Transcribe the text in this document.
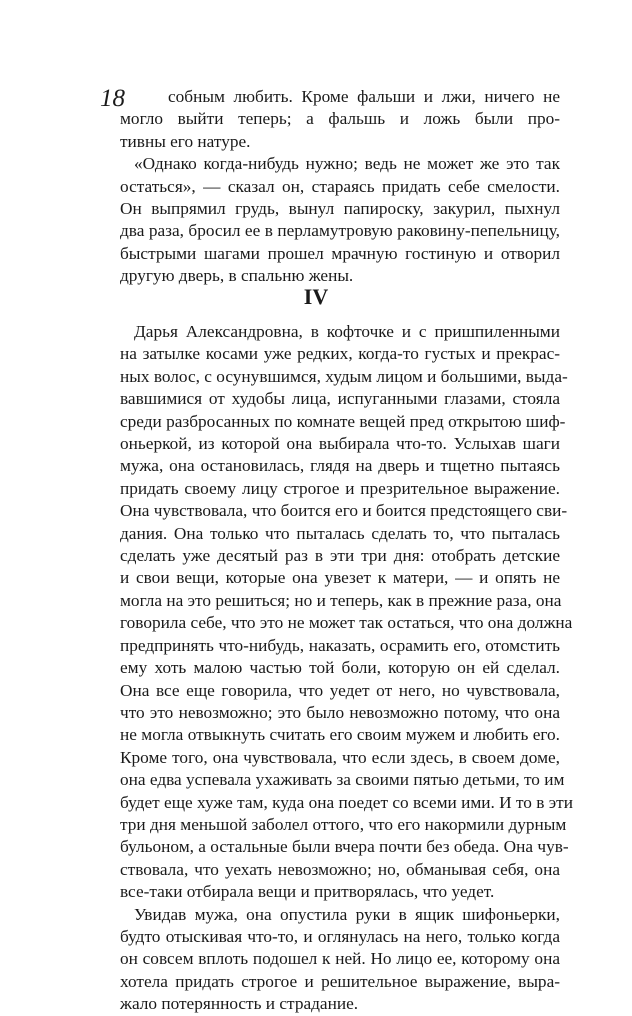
18	собным любить. Кроме фальши и лжи, ничего не
могло выйти теперь; а фальшь и ложь были про-
тивны его натуре.
«Однако когда-нибудь нужно; ведь не может же это так
остаться», — сказал он, стараясь придать себе смелости.
Он выпрямил грудь, вынул папироску, закурил, пыхнул
два раза, бросил ее в перламутровую раковину-пепельницу,
быстрыми шагами прошел мрачную гостиную и отворил
другую дверь, в спальню жены.
IV
Дарья Александровна, в кофточке и с пришпиленными
на затылке косами уже редких, когда-то густых и прекрас-
ных волос, с осунувшимся, худым лицом и большими, выда-
вавшимися от худобы лица, испуганными глазами, стояла
среди разбросанных по комнате вещей пред открытою шиф-
оньеркой, из которой она выбирала что-то. Услыхав шаги
мужа, она остановилась, глядя на дверь и тщетно пытаясь
придать своему лицу строгое и презрительное выражение.
Она чувствовала, что боится его и боится предстоящего сви-
дания. Она только что пыталась сделать то, что пыталась
сделать уже десятый раз в эти три дня: отобрать детские
и свои вещи, которые она увезет к матери, — и опять не
могла на это решиться; но и теперь, как в прежние раза, она
говорила себе, что это не может так остаться, что она должна
предпринять что-нибудь, наказать, осрамить его, отомстить
ему хоть малою частью той боли, которую он ей сделал.
Она все еще говорила, что уедет от него, но чувствовала,
что это невозможно; это было невозможно потому, что она
не могла отвыкнуть считать его своим мужем и любить его.
Кроме того, она чувствовала, что если здесь, в своем доме,
она едва успевала ухаживать за своими пятью детьми, то им
будет еще хуже там, куда она поедет со всеми ими. И то в эти
три дня меньшой заболел оттого, что его накормили дурным
бульоном, а остальные были вчера почти без обеда. Она чув-
ствовала, что уехать невозможно; но, обманывая себя, она
все-таки отбирала вещи и притворялась, что уедет.
Увидав мужа, она опустила руки в ящик шифоньерки,
будто отыскивая что-то, и оглянулась на него, только когда
он совсем вплоть подошел к ней. Но лицо ее, которому она
хотела придать строгое и решительное выражение, выра-
жало потерянность и страдание.
